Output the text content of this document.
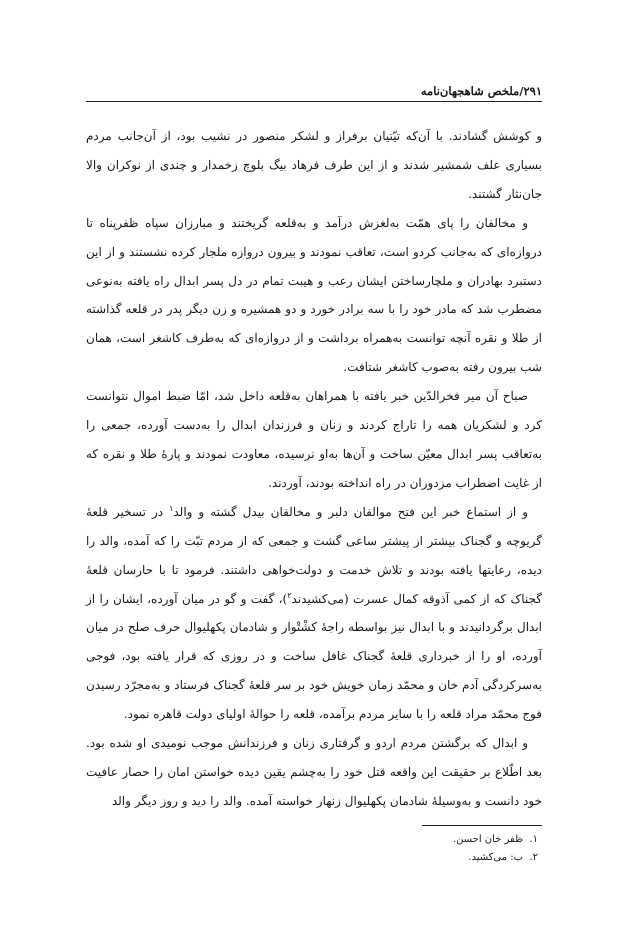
۲۹۱/ملخص شاهجهان‌نامه

و کوشش گشادند. با آن‌که تیّتیان برفراز و لشکر منصور در نشیب بود، از آن‌جانب مردم بسیاری علف شمشیر شدند و از این طرف فرهاد بیگ بلوچ زخمدار و چندی از نوکران والا جان‌نثار گشتند.

و مخالفان را پای همّت به‌لغزش درآمد و به‌قلعه گریختند و مبارزان سپاه ظفرپناه تا دروازه‌ای که به‌جانب کردو است، تعاقب نمودند و بیرون دروازه ملجار کرده نشستند و از این دستبرد بهادران و ملچارساختن ایشان رعب و هیبت تمام در دل پسر ابدال راه یافته به‌نوعی مضطرب شد که مادر خود را با سه برادر خورد و دو همشیره و زن دیگر پدر در قلعه گذاشته از طلا و نقره آنچه توانست به‌همراه برداشت و از دروازه‌ای که به‌طرف کاشغر است، همان شب بیرون رفته به‌صوب کاشغر شتافت.

صباح آن میر فخرالدّین خبر یافته با همراهان به‌قلعه داخل شد، امّا ضبط اموال نتوانست کرد و لشکریان همه را تاراج کردند و زنان و فرزندان ابدال را به‌دست آورده، جمعی را به‌تعاقب پسر ابدال معیّن ساخت و آن‌ها به‌او نرسیده، معاودت نمودند و پارهٔ طلا و نقره که از غایت اضطراب مزدوران در راه انداخته بودند، آوردند.

و از استماع خبر این فتح موالفان دلبر و مخالفان بیدل گشته و والد$^۱$ در تسخیر قلعهٔ گریوچه و گجناک بیشتر از پیشتر ساعی گشت و جمعی که از مردم تبّت را که آمده، والد را دیده، رعایتها یافته بودند و تلاش خدمت و دولت‌خواهی داشتند. فرمود تا با حارسان قلعهٔ گجناک که از کمی آذوقه کمال عسرت (می‌کشیدند$^۲$)، گفت و گو در میان آورده، ایشان را از ابدال برگردانیدند و با ابدال نیز بواسطه راجهٔ کشْتْوار و شادمان پکهلیوال حرف صلح در میان آورده، او را از خبرداری قلعهٔ گجناک غافل ساخت و در روزی که قرار یافته بود، فوجی به‌سرکردگی آدم خان و محمّد زمان خویش خود بر سر قلعهٔ گجناک فرستاد و به‌مجرّد رسیدن فوج محمّد مراد قلعه را با سایر مردم برآمده، قلعه را حوالهٔ اولیای دولت قاهره نمود.

و ابدال که برگشتن مردم اردو و گرفتاری زنان و فرزندانش موجب نومیدی او شده بود. بعد اطّلاع بر حقیقت این واقعه قتل خود را به‌چشم یقین دیده خواستن امان را حصار عافیت خود دانست و به‌وسیلهٔ شادمان پکهلیوال زنهار خواسته آمده. والد را دید و روز دیگر والد

۱.  ظفر خان احسن.

۲.  ب: می‌کشید.
